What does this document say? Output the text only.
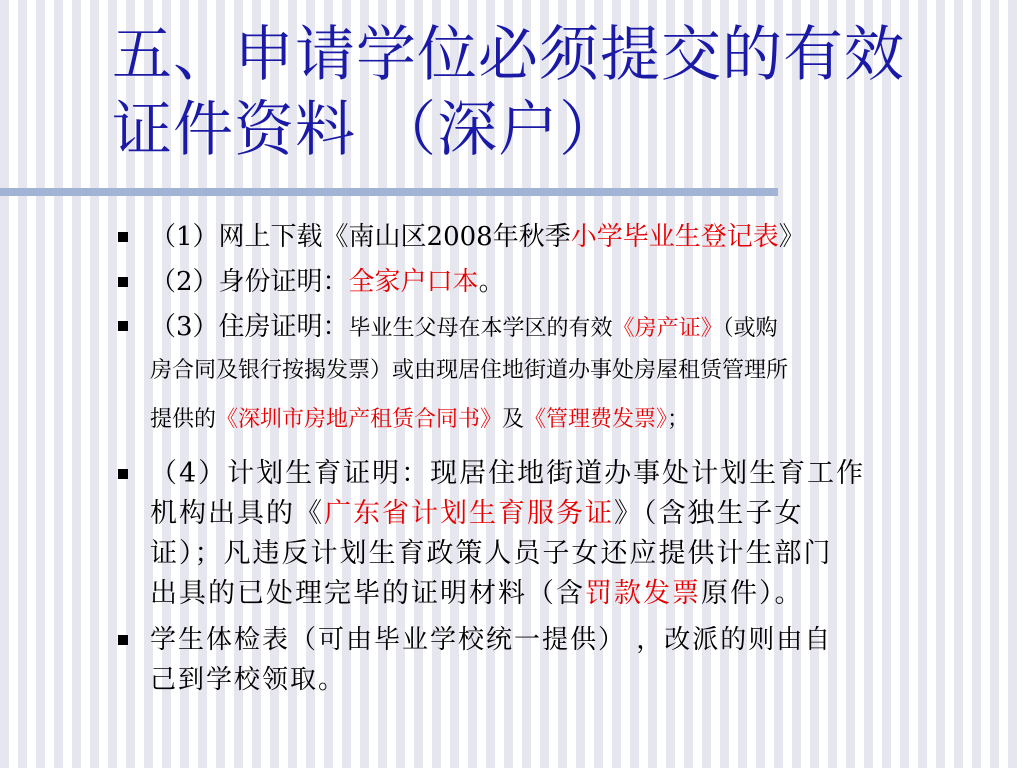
五、申请学位必须提交的有效
证件资料 （深户）

（1）网上下载《南山区2008年秋季小学毕业生登记表》

（2）身份证明：全家户口本。

（3）住房证明：毕业生父母在本学区的有效《房产证》（或购

房合同及银行按揭发票）或由现居住地街道办事处房屋租赁管理所

提供的《深圳市房地产租赁合同书》及《管理费发票》；

（4）计划生育证明：现居住地街道办事处计划生育工作

机构出具的《广东省计划生育服务证》（含独生子女

证）；凡违反计划生育政策人员子女还应提供计生部门

出具的已处理完毕的证明材料（含罚款发票原件）。

学生体检表（可由毕业学校统一提供） ，改派的则由自

己到学校领取。
